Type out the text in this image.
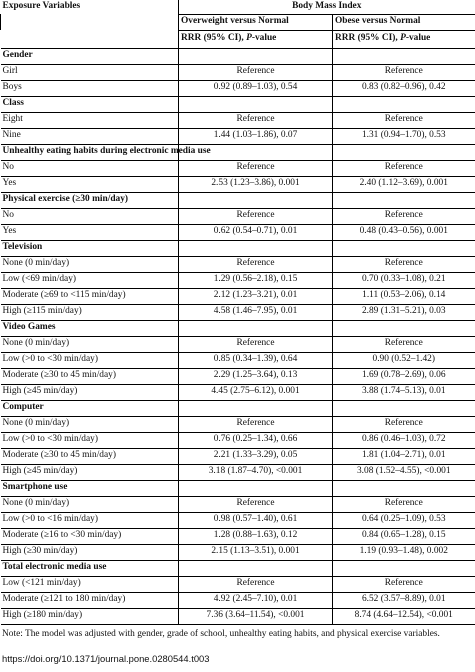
Exposure Variables	Body Mass Index	
	Overweight versus Normal	Obese versus Normal
	RRR (95% CI), P-value	RRR (95% CI), P-value
Gender		
Girl	Reference	Reference
Boys	0.92 (0.89–1.03), 0.54	0.83 (0.82–0.96), 0.42
Class		
Eight	Reference	Reference
Nine	1.44 (1.03–1.86), 0.07	1.31 (0.94–1.70), 0.53
Unhealthy eating habits during electronic media use		
No	Reference	Reference
Yes	2.53 (1.23–3.86), 0.001	2.40 (1.12–3.69), 0.001
Physical exercise (≥30 min/day)		
No	Reference	Reference
Yes	0.62 (0.54–0.71), 0.01	0.48 (0.43–0.56), 0.001
Television		
None (0 min/day)	Reference	Reference
Low (<69 min/day)	1.29 (0.56–2.18), 0.15	0.70 (0.33–1.08), 0.21
Moderate (≥69 to <115 min/day)	2.12 (1.23–3.21), 0.01	1.11 (0.53–2.06), 0.14
High (≥115 min/day)	4.58 (1.46–7.95), 0.01	2.89 (1.31–5.21), 0.03
Video Games		
None (0 min/day)	Reference	Reference
Low (>0 to <30 min/day)	0.85 (0.34–1.39), 0.64	0.90 (0.52–1.42)
Moderate (≥30 to 45 min/day)	2.29 (1.25–3.64), 0.13	1.69 (0.78–2.69), 0.06
High (≥45 min/day)	4.45 (2.75–6.12), 0.001	3.88 (1.74–5.13), 0.01
Computer		
None (0 min/day)	Reference	Reference
Low (>0 to <30 min/day)	0.76 (0.25–1.34), 0.66	0.86 (0.46–1.03), 0.72
Moderate (≥30 to 45 min/day)	2.21 (1.33–3.29), 0.05	1.81 (1.04–2.71), 0.01
High (≥45 min/day)	3.18 (1.87–4.70), <0.001	3.08 (1.52–4.55), <0.001
Smartphone use		
None (0 min/day)	Reference	Reference
Low (>0 to <16 min/day)	0.98 (0.57–1.40), 0.61	0.64 (0.25–1.09), 0.53
Moderate (≥16 to <30 min/day)	1.28 (0.88–1.63), 0.12	0.84 (0.65–1.28), 0.15
High (≥30 min/day)	2.15 (1.13–3.51), 0.001	1.19 (0.93–1.48), 0.002
Total electronic media use		
Low (<121 min/day)	Reference	Reference
Moderate (≥121 to 180 min/day)	4.92 (2.45–7.10), 0.01	6.52 (3.57–8.89), 0.01
High (≥180 min/day)	7.36 (3.64–11.54), <0.001	8.74 (4.64–12.54), <0.001
Note: The model was adjusted with gender, grade of school, unhealthy eating habits, and physical exercise variables.
https://doi.org/10.1371/journal.pone.0280544.t003
